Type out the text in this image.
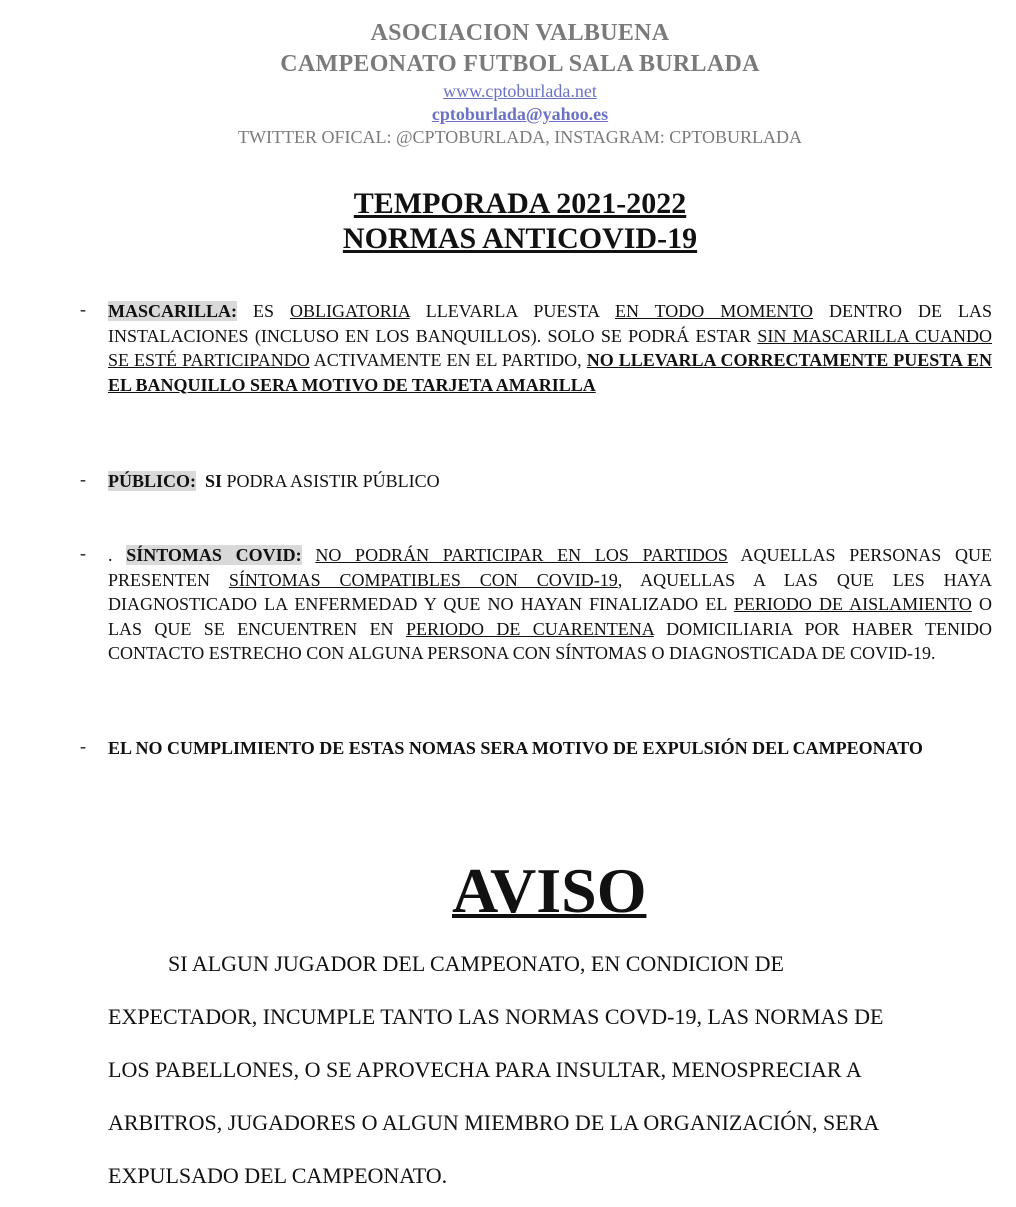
ASOCIACION VALBUENA
CAMPEONATO FUTBOL SALA BURLADA
www.cptoburlada.net
cptoburlada@yahoo.es
TWITTER OFICAL: @CPTOBURLADA, INSTAGRAM: CPTOBURLADA
TEMPORADA 2021-2022
NORMAS ANTICOVID-19
- MASCARILLA: ES OBLIGATORIA LLEVARLA PUESTA EN TODO MOMENTO DENTRO DE LAS INSTALACIONES (INCLUSO EN LOS BANQUILLOS). SOLO SE PODRÁ ESTAR SIN MASCARILLA CUANDO SE ESTÉ PARTICIPANDO ACTIVAMENTE EN EL PARTIDO, NO LLEVARLA CORRECTAMENTE PUESTA EN EL BANQUILLO SERA MOTIVO DE TARJETA AMARILLA
- PÚBLICO: SI PODRA ASISTIR PÚBLICO
- . SÍNTOMAS COVID: NO PODRÁN PARTICIPAR EN LOS PARTIDOS AQUELLAS PERSONAS QUE PRESENTEN SÍNTOMAS COMPATIBLES CON COVID-19, AQUELLAS A LAS QUE LES HAYA DIAGNOSTICADO LA ENFERMEDAD Y QUE NO HAYAN FINALIZADO EL PERIODO DE AISLAMIENTO O LAS QUE SE ENCUENTREN EN PERIODO DE CUARENTENA DOMICILIARIA POR HABER TENIDO CONTACTO ESTRECHO CON ALGUNA PERSONA CON SÍNTOMAS O DIAGNOSTICADA DE COVID-19.
- EL NO CUMPLIMIENTO DE ESTAS NOMAS SERA MOTIVO DE EXPULSIÓN DEL CAMPEONATO
AVISO
SI ALGUN JUGADOR DEL CAMPEONATO, EN CONDICION DE
EXPECTADOR, INCUMPLE TANTO LAS NORMAS COVD-19, LAS NORMAS DE
LOS PABELLONES, O SE APROVECHA PARA INSULTAR, MENOSPRECIAR A
ARBITROS, JUGADORES O ALGUN MIEMBRO DE LA ORGANIZACIÓN, SERA
EXPULSADO DEL CAMPEONATO.
